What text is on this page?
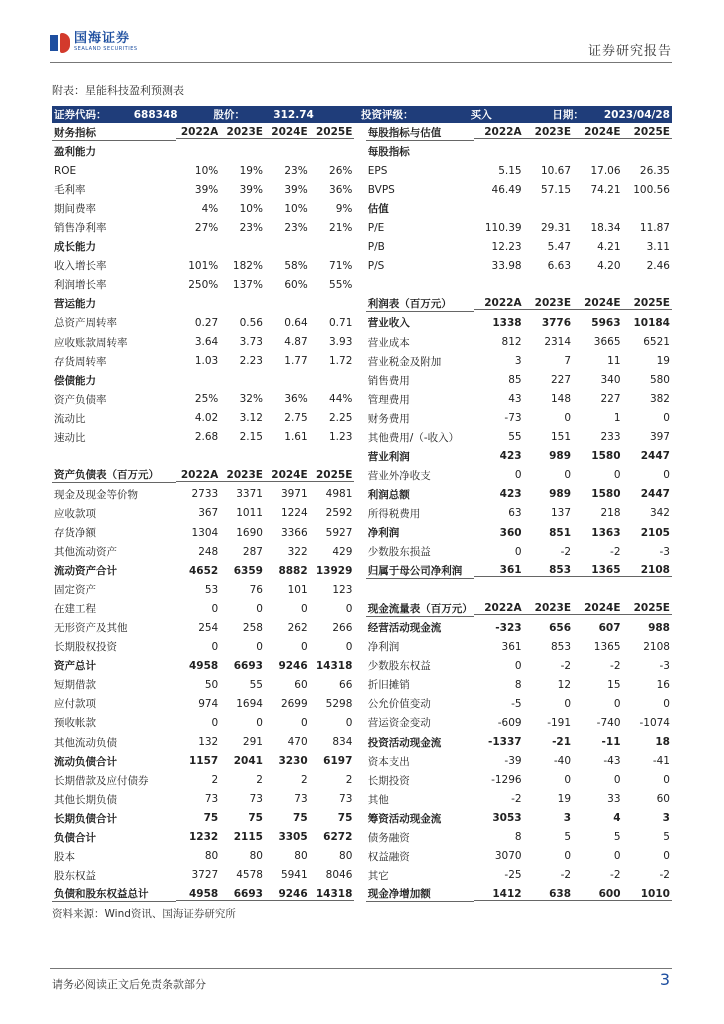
国海证券
SEALAND SECURITIES	证券研究报告
附表：星能科技盈利预测表
证券代码：	688348	股价：	312.74	投资评级：	买入	日期：	2023/04/28
财务指标	2022A 2023E 2024E 2025E 每股指标与估值	2022A	2023E	2024E	2025E
盈利能力	每股指标
ROE	10%	19%	23%	26% EPS	5.15	10.67	17.06	26.35
毛利率	39%	39%	39%	36% BVPS	46.49	57.15	74.21	100.56
期间费率	4%	10%	10%	9% 估值
销售净利率	27%	23%	23%	21% P/E	110.39	29.31	18.34	11.87
成长能力	P/B	12.23	5.47	4.21	3.11
收入增长率	101%	182%	58%	71% P/S	33.98	6.63	4.20	2.46
利润增长率	250%	137%	60%	55%
营运能力	利润表（百万元）	2022A	2023E	2024E	2025E
总资产周转率	0.27	0.56	0.64	0.71 营业收入	1338	3776	5963	10184
应收账款周转率	3.64	3.73	4.87	3.93 营业成本	812	2314	3665	6521
存货周转率	1.03	2.23	1.77	1.72 营业税金及附加	3	7	11	19
偿债能力	销售费用	85	227	340	580
资产负债率	25%	32%	36%	44% 管理费用	43	148	227	382
流动比	4.02	3.12	2.75	2.25 财务费用	-73	0	1	0
速动比	2.68	2.15	1.61	1.23 其他费用/（-收入）	55	151	233	397
营业利润	423	989	1580	2447
资产负债表（百万元）	2022A 2023E 2024E 2025E 营业外净收支	0	0	0	0
现金及现金等价物	2733	3371	3971	4981 利润总额	423	989	1580	2447
应收款项	367	1011	1224	2592 所得税费用	63	137	218	342
存货净额	1304	1690	3366	5927 净利润	360	851	1363	2105
其他流动资产	248	287	322	429 少数股东损益	0	-2	-2	-3
流动资产合计	4652	6359	8882 13929 归属于母公司净利润	361	853	1365	2108
固定资产	53	76	101	123
在建工程	0	0	0	0 现金流量表（百万元）	2022A	2023E	2024E	2025E
无形资产及其他	254	258	262	266 经营活动现金流	-323	656	607	988
长期股权投资	0	0	0	0 净利润	361	853	1365	2108
资产总计	4958	6693	9246 14318 少数股东权益	0	-2	-2	-3
短期借款	50	55	60	66 折旧摊销	8	12	15	16
应付款项	974	1694	2699	5298 公允价值变动	-5	0	0	0
预收帐款	0	0	0	0 营运资金变动	-609	-191	-740	-1074
其他流动负债	132	291	470	834 投资活动现金流	-1337	-21	-11	18
流动负债合计	1157	2041	3230	6197 资本支出	-39	-40	-43	-41
长期借款及应付债券	2	2	2	2 长期投资	-1296	0	0	0
其他长期负债	73	73	73	73 其他	-2	19	33	60
长期负债合计	75	75	75	75 筹资活动现金流	3053	3	4	3
负债合计	1232	2115	3305	6272 债务融资	8	5	5	5
股本	80	80	80	80 权益融资	3070	0	0	0
股东权益	3727	4578	5941	8046 其它	-25	-2	-2	-2
负债和股东权益总计	4958	6693	9246 14318 现金净增加额	1412	638	600	1010
资料来源：Wind资讯、国海证券研究所
请务必阅读正文后免责条款部分	3
